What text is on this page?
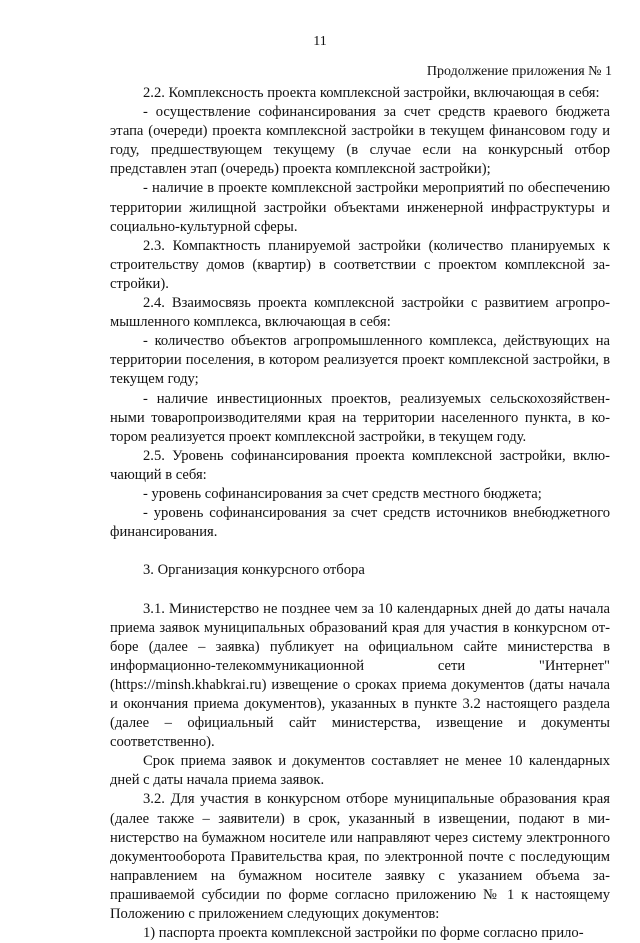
11
Продолжение приложения № 1

2.2. Комплексность проекта комплексной застройки, включающая в себя:

- осуществление софинансирования за счет средств краевого бюджета этапа (очереди) проекта комплексной застройки в текущем финансовом году и году, предшествующем текущему (в случае если на конкурсный отбор представлен этап (очередь) проекта комплексной застройки);

- наличие в проекте комплексной застройки мероприятий по обеспечению территории жилищной застройки объектами инженерной инфраструктуры и социально-культурной сферы.

2.3. Компактность планируемой застройки (количество планируемых к строительству домов (квартир) в соответствии с проектом комплексной застройки).

2.4. Взаимосвязь проекта комплексной застройки с развитием агропромышленного комплекса, включающая в себя:

- количество объектов агропромышленного комплекса, действующих на территории поселения, в котором реализуется проект комплексной застройки, в текущем году;

- наличие инвестиционных проектов, реализуемых сельскохозяйственными товаропроизводителями края на территории населенного пункта, в котором реализуется проект комплексной застройки, в текущем году.

2.5. Уровень софинансирования проекта комплексной застройки, включающий в себя:

- уровень софинансирования за счет средств местного бюджета;

- уровень софинансирования за счет средств источников внебюджетного финансирования.

3. Организация конкурсного отбора

3.1. Министерство не позднее чем за 10 календарных дней до даты начала приема заявок муниципальных образований края для участия в конкурсном отборе (далее – заявка) публикует на официальном сайте министерства в информационно-телекоммуникационной сети "Интернет" (https://minsh.khabkrai.ru) извещение о сроках приема документов (даты начала и окончания приема документов), указанных в пункте 3.2 настоящего раздела (далее – официальный сайт министерства, извещение и документы соответственно).

Срок приема заявок и документов составляет не менее 10 календарных дней с даты начала приема заявок.

3.2. Для участия в конкурсном отборе муниципальные образования края (далее также – заявители) в срок, указанный в извещении, подают в министерство на бумажном носителе или направляют через систему электронного документооборота Правительства края, по электронной почте с последующим направлением на бумажном носителе заявку с указанием объема запрашиваемой субсидии по форме согласно приложению № 1 к настоящему Положению с приложением следующих документов:

1) паспорта проекта комплексной застройки по форме согласно прило-
